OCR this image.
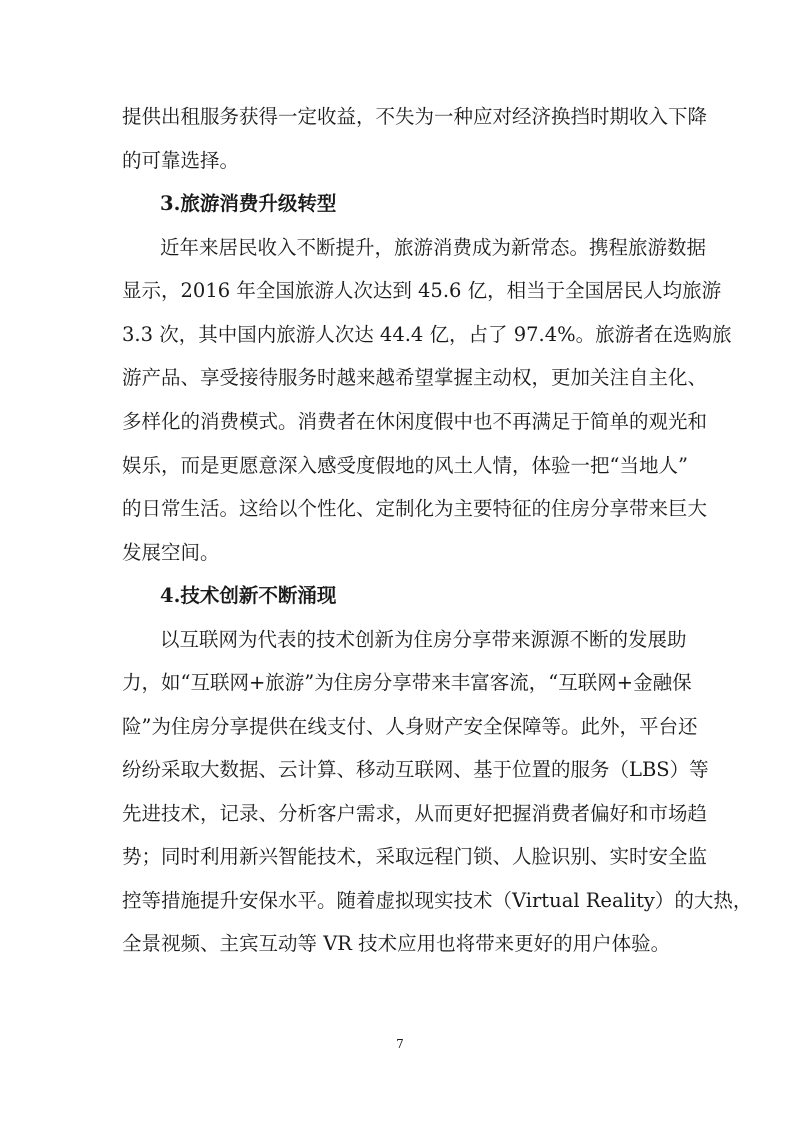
提供出租服务获得一定收益，不失为一种应对经济换挡时期收入下降
的可靠选择。
3.旅游消费升级转型
近年来居民收入不断提升，旅游消费成为新常态。携程旅游数据
显示，2016 年全国旅游人次达到 45.6 亿，相当于全国居民人均旅游
3.3 次，其中国内旅游人次达 44.4 亿，占了 97.4%。旅游者在选购旅
游产品、享受接待服务时越来越希望掌握主动权，更加关注自主化、
多样化的消费模式。消费者在休闲度假中也不再满足于简单的观光和
娱乐，而是更愿意深入感受度假地的风土人情，体验一把“当地人”
的日常生活。这给以个性化、定制化为主要特征的住房分享带来巨大
发展空间。
4.技术创新不断涌现
以互联网为代表的技术创新为住房分享带来源源不断的发展助
力，如“互联网+旅游”为住房分享带来丰富客流，“互联网+金融保
险”为住房分享提供在线支付、人身财产安全保障等。此外，平台还
纷纷采取大数据、云计算、移动互联网、基于位置的服务（LBS）等
先进技术，记录、分析客户需求，从而更好把握消费者偏好和市场趋
势；同时利用新兴智能技术，采取远程门锁、人脸识别、实时安全监
控等措施提升安保水平。随着虚拟现实技术（Virtual Reality）的大热，
全景视频、主宾互动等 VR 技术应用也将带来更好的用户体验。
7
